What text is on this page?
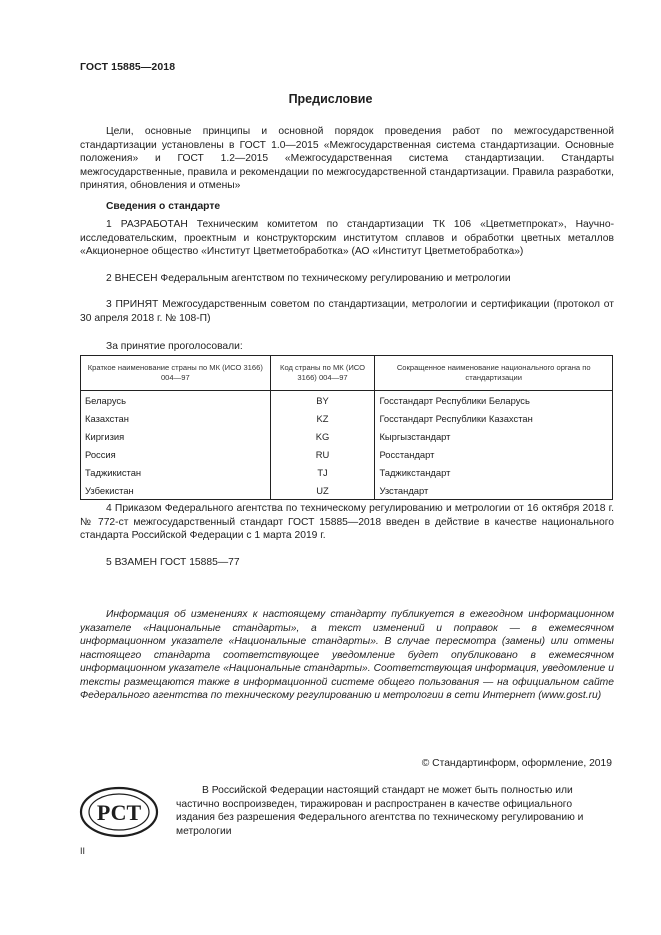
ГОСТ 15885—2018
Предисловие
Цели, основные принципы и основной порядок проведения работ по межгосударственной стандартизации установлены в ГОСТ 1.0—2015 «Межгосударственная система стандартизации. Основные положения» и ГОСТ 1.2—2015 «Межгосударственная система стандартизации. Стандарты межгосударственные, правила и рекомендации по межгосударственной стандартизации. Правила разработки, принятия, обновления и отмены»
Сведения о стандарте
1 РАЗРАБОТАН Техническим комитетом по стандартизации ТК 106 «Цветметпрокат», Научно-исследовательским, проектным и конструкторским институтом сплавов и обработки цветных металлов «Акционерное общество «Институт Цветметобработка» (АО «Институт Цветметобработка»)
2 ВНЕСЕН Федеральным агентством по техническому регулированию и метрологии
3 ПРИНЯТ Межгосударственным советом по стандартизации, метрологии и сертификации (протокол от 30 апреля 2018 г. № 108-П)
За принятие проголосовали:
Краткое наименование страны по МК (ИСО 3166) 004—97	Код страны по МК (ИСО 3166) 004—97	Сокращенное наименование национального органа по стандартизации
Беларусь	BY	Госстандарт Республики Беларусь
Казахстан	KZ	Госстандарт Республики Казахстан
Киргизия	KG	Кыргызстандарт
Россия	RU	Росстандарт
Таджикистан	TJ	Таджикстандарт
Узбекистан	UZ	Узстандарт
4 Приказом Федерального агентства по техническому регулированию и метрологии от 16 октября 2018 г. № 772-ст межгосударственный стандарт ГОСТ 15885—2018 введен в действие в качестве национального стандарта Российской Федерации с 1 марта 2019 г.
5 ВЗАМЕН ГОСТ 15885—77
Информация об изменениях к настоящему стандарту публикуется в ежегодном информационном указателе «Национальные стандарты», а текст изменений и поправок — в ежемесячном информационном указателе «Национальные стандарты». В случае пересмотра (замены) или отмены настоящего стандарта соответствующее уведомление будет опубликовано в ежемесячном информационном указателе «Национальные стандарты». Соответствующая информация, уведомление и тексты размещаются также в информационной системе общего пользования — на официальном сайте Федерального агентства по техническому регулированию и метрологии в сети Интернет (www.gost.ru)
© Стандартинформ, оформление, 2019
РСТ
В Российской Федерации настоящий стандарт не может быть полностью или частично воспроизведен, тиражирован и распространен в качестве официального издания без разрешения Федерального агентства по техническому регулированию и метрологии
II
